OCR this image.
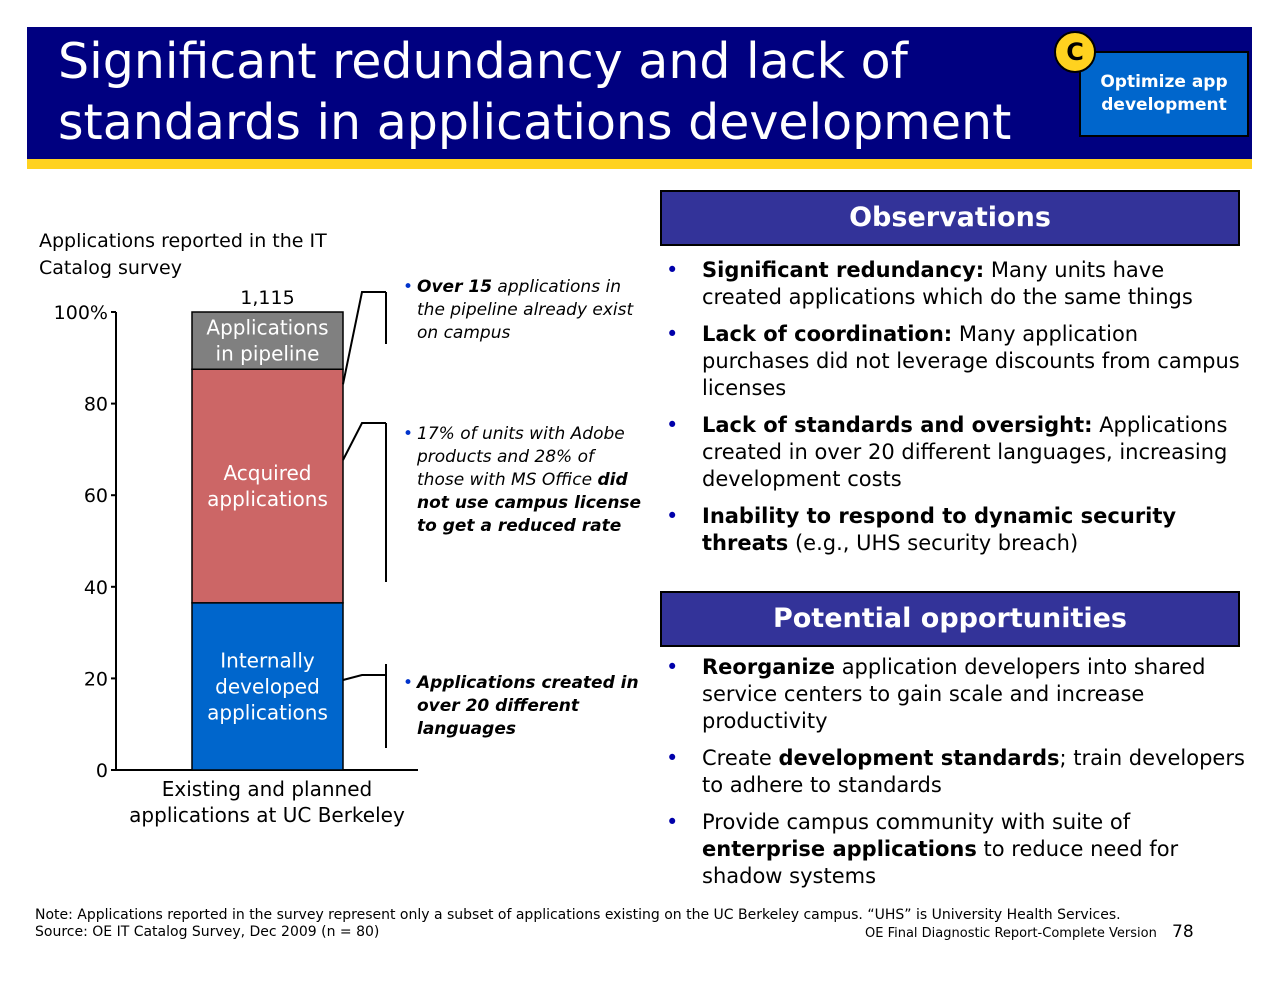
Significant redundancy and lack of
standards in applications development
Optimize app development
C
Applications reported in the IT Catalog survey
0
20
40
60
80
100%
Internally
developed
applications
Acquired
applications
Applications
in pipeline
1,115
Existing and planned
applications at UC Berkeley
• Over 15 applications in the pipeline already exist on campus
• 17% of units with Adobe products and 28% of those with MS Office did not use campus license to get a reduced rate
• Applications created in over 20 different languages
Observations
• Significant redundancy: Many units have created applications which do the same things
• Lack of coordination: Many application purchases did not leverage discounts from campus licenses
• Lack of standards and oversight: Applications created in over 20 different languages, increasing development costs
• Inability to respond to dynamic security threats (e.g., UHS security breach)
Potential opportunities
• Reorganize application developers into shared service centers to gain scale and increase productivity
• Create development standards; train developers to adhere to standards
• Provide campus community with suite of enterprise applications to reduce need for shadow systems
Note: Applications reported in the survey represent only a subset of applications existing on the UC Berkeley campus. “UHS” is University Health Services.
Source: OE IT Catalog Survey, Dec 2009 (n = 80)	OE Final Diagnostic Report-Complete Version 78
